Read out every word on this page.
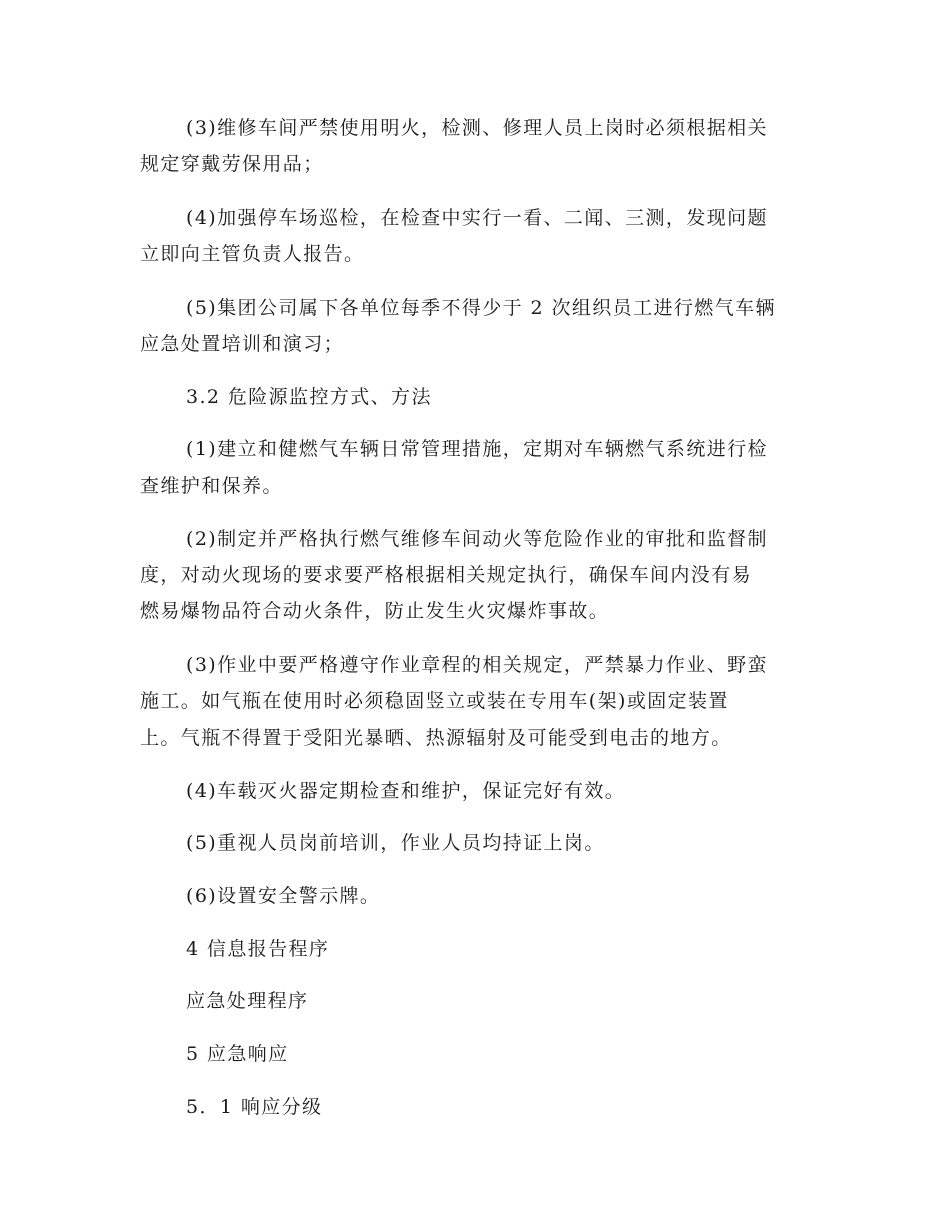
(3)维修车间严禁使用明火，检测、修理人员上岗时必须根据相关
规定穿戴劳保用品；
(4)加强停车场巡检，在检查中实行一看、二闻、三测，发现问题
立即向主管负责人报告。
(5)集团公司属下各单位每季不得少于 2 次组织员工进行燃气车辆
应急处置培训和演习；
3.2 危险源监控方式、方法
(1)建立和健燃气车辆日常管理措施，定期对车辆燃气系统进行检
查维护和保养。
(2)制定并严格执行燃气维修车间动火等危险作业的审批和监督制
度，对动火现场的要求要严格根据相关规定执行，确保车间内没有易
燃易爆物品符合动火条件，防止发生火灾爆炸事故。
(3)作业中要严格遵守作业章程的相关规定，严禁暴力作业、野蛮
施工。如气瓶在使用时必须稳固竖立或装在专用车(架)或固定装置
上。气瓶不得置于受阳光暴晒、热源辐射及可能受到电击的地方。
(4)车载灭火器定期检查和维护，保证完好有效。
(5)重视人员岗前培训，作业人员均持证上岗。
(6)设置安全警示牌。
4 信息报告程序
应急处理程序
5 应急响应
5．1 响应分级
